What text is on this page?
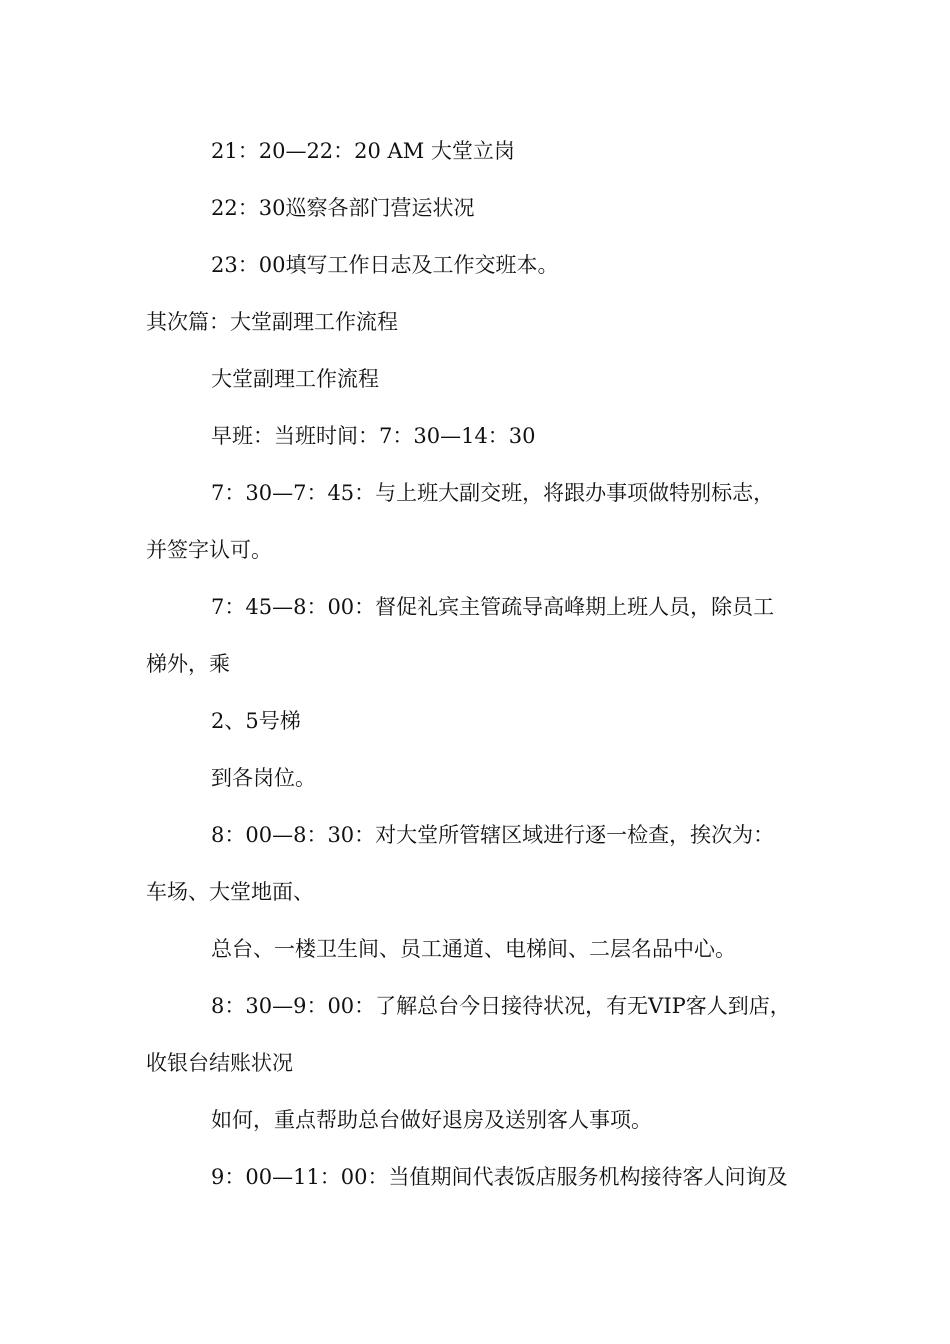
21：20—22：20 AM 大堂立岗

22：30巡察各部门营运状况

23：00填写工作日志及工作交班本。

其次篇：大堂副理工作流程

大堂副理工作流程

早班：当班时间：7：30—14：30

7：30—7：45：与上班大副交班，将跟办事项做特别标志，

并签字认可。

7：45—8：00：督促礼宾主管疏导高峰期上班人员，除员工

梯外，乘

2、5号梯

到各岗位。

8：00—8：30：对大堂所管辖区域进行逐一检查，挨次为：

车场、大堂地面、

总台、一楼卫生间、员工通道、电梯间、二层名品中心。

8：30—9：00：了解总台今日接待状况，有无VIP客人到店，

收银台结账状况

如何，重点帮助总台做好退房及送别客人事项。

9：00—11：00：当值期间代表饭店服务机构接待客人问询及
